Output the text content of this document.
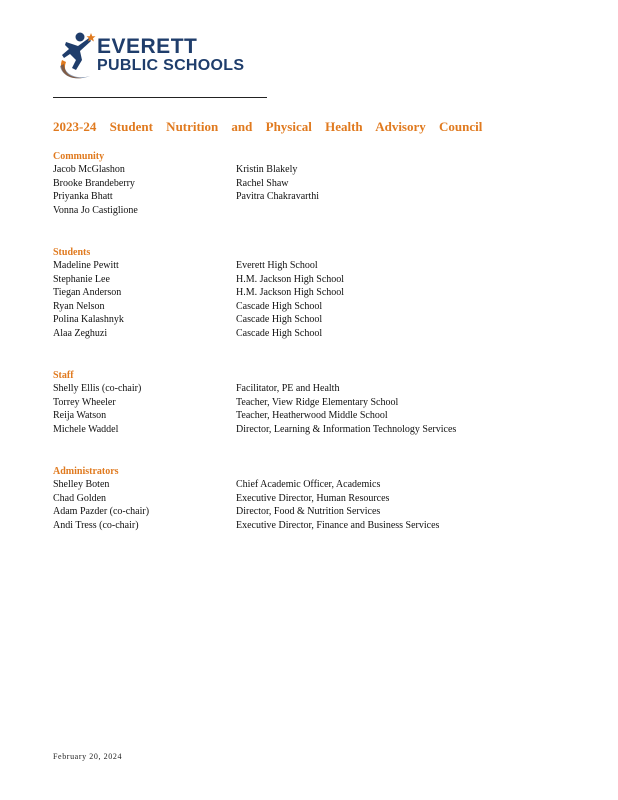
EVERETT
PUBLIC SCHOOLS
2023-24 Student Nutrition and Physical Health Advisory Council
Community
Jacob McGlashon	Kristin Blakely
Brooke Brandeberry	Rachel Shaw
Priyanka Bhatt	Pavitra Chakravarthi
Vonna Jo Castiglione
Students
Madeline Pewitt	Everett High School
Stephanie Lee	H.M. Jackson High School
Tiegan Anderson	H.M. Jackson High School
Ryan Nelson	Cascade High School
Polina Kalashnyk	Cascade High School
Alaa Zeghuzi	Cascade High School
Staff
Shelly Ellis (co-chair)	Facilitator, PE and Health
Torrey Wheeler	Teacher, View Ridge Elementary School
Reija Watson	Teacher, Heatherwood Middle School
Michele Waddel	Director, Learning & Information Technology Services
Administrators
Shelley Boten	Chief Academic Officer, Academics
Chad Golden	Executive Director, Human Resources
Adam Pazder (co-chair)	Director, Food & Nutrition Services
Andi Tress (co-chair)	Executive Director, Finance and Business Services
February 20, 2024
